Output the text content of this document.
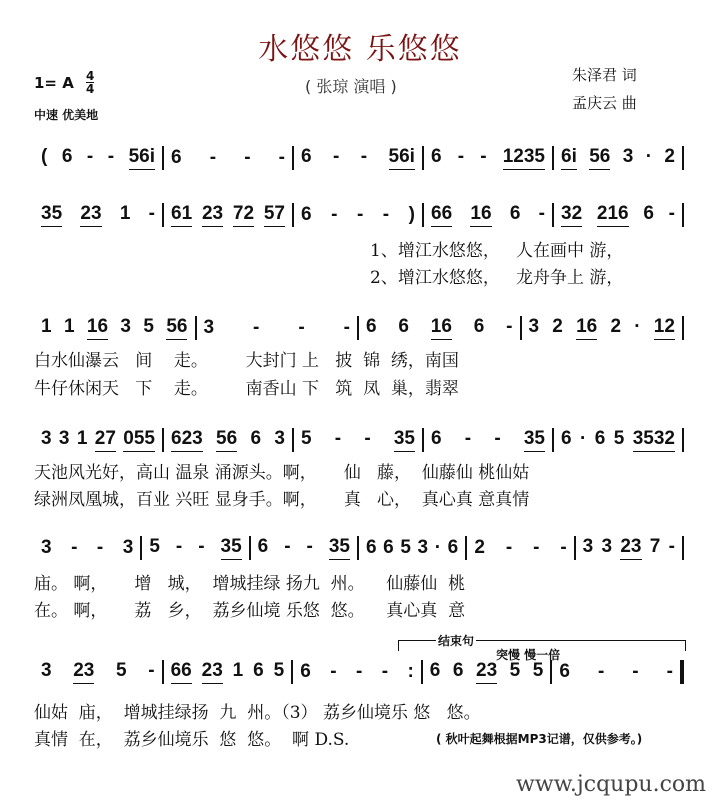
水悠悠 乐悠悠
( 张琼 演唱 )
朱泽君 词
孟庆云 曲
1= A 4
4
中速 优美地
( 6 - - 56i 6 - - - 6 - - 56i 6 - - 1235 6i 56 3 · 2
35 23 1 - 61 23 72 57 6 - - - ) 66 16 6 - 32 216 6 -
1 1 16 3 5 56 3 - - - 6 6 16 6 - 3 2 16 2 · 12
3 3 1 27 055 623 56 6 3 5 - - 35 6 - - 35 6 · 6 5 3532
3 - - 3 5 - - 35 6 - - 35 6 6 5 3 · 6 2 - - - 3 3 23 7 -
3 23 5 - 66 23 1 6 5 6 - - - : 6 6 23 5 5 6 - - -
1、增江水悠悠，   人在画中 游，
2、增江水悠悠，   龙舟争上 游，
白水仙瀑云   间    走。       大封门 上   披  锦  绣，南国
牛仔休闲天   下    走。       南香山 下   筑  凤  巢，翡翠
天池风光好，高山 温泉 涌源头。啊，     仙   藤，  仙藤仙 桃仙姑
绿洲凤凰城，百业 兴旺 显身手。啊，     真   心，  真心真 意真情
庙。 啊，     增   城，  增城挂绿 扬九  州。    仙藤仙  桃
在。 啊，     荔   乡，  荔乡仙境 乐悠  悠。    真心真  意
仙姑  庙，  增城挂绿扬  九  州。（3） 荔乡仙境乐 悠   悠。
真情  在，  荔乡仙境乐  悠  悠。  啊 D.S.	( 秋叶起舞根据MP3记谱，仅供参考。)
结束句
突慢 慢一倍
www.jcqupu.com
